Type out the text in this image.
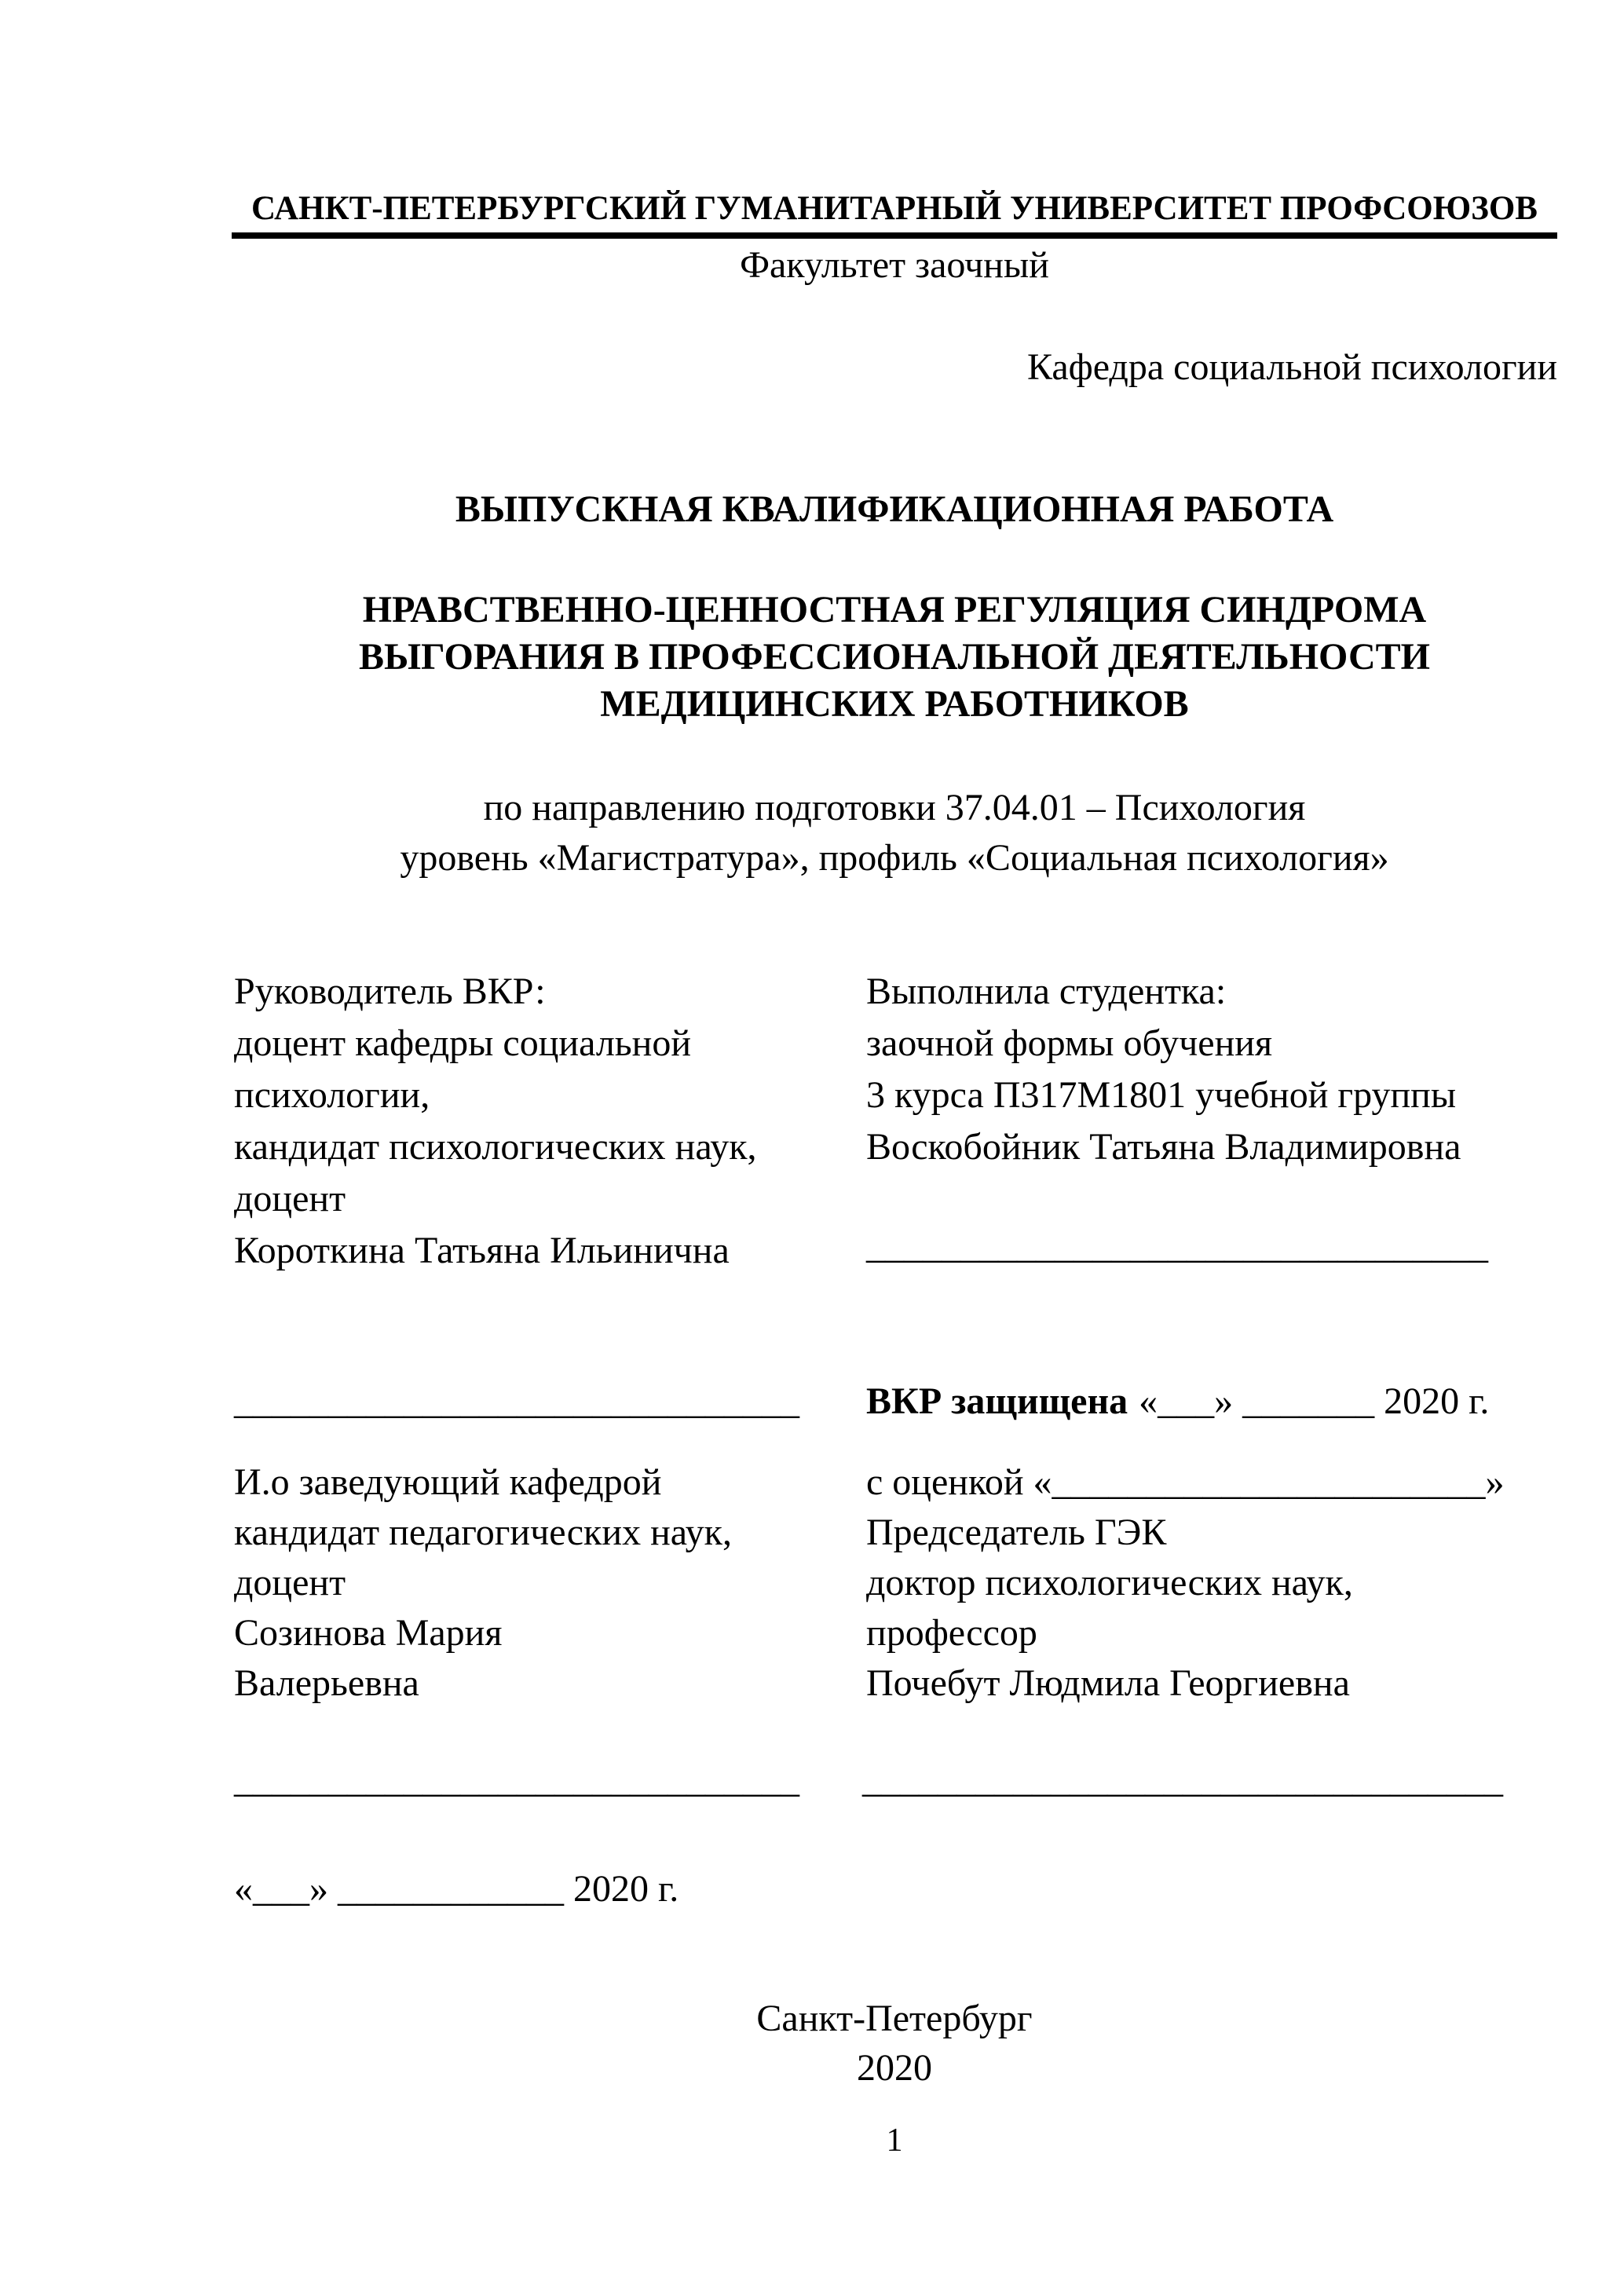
САНКТ-ПЕТЕРБУРГСКИЙ ГУМАНИТАРНЫЙ УНИВЕРСИТЕТ ПРОФСОЮЗОВ
Факультет заочный
Кафедра социальной психологии
ВЫПУСКНАЯ КВАЛИФИКАЦИОННАЯ РАБОТА
НРАВСТВЕННО-ЦЕННОСТНАЯ РЕГУЛЯЦИЯ СИНДРОМА
ВЫГОРАНИЯ В ПРОФЕССИОНАЛЬНОЙ ДЕЯТЕЛЬНОСТИ
МЕДИЦИНСКИХ РАБОТНИКОВ
по направлению подготовки 37.04.01 – Психология
уровень «Магистратура», профиль «Социальная психология»
Руководитель ВКР:
доцент кафедры социальной
психологии,
кандидат психологических наук,
доцент
Короткина Татьяна Ильинична
Выполнила студентка:
заочной формы обучения
3 курса П317М1801 учебной группы
Воскобойник Татьяна Владимировна
_________________________________
______________________________ ВКР защищена «___» _______ 2020 г.
И.о заведующий кафедрой
кандидат педагогических наук,
доцент
Созинова Мария
Валерьевна
с оценкой «_______________________»
Председатель ГЭК
доктор психологических наук,
профессор
Почебут Людмила Георгиевна
______________________________ __________________________________
«___» ____________ 2020 г.
Санкт-Петербург
2020
1
